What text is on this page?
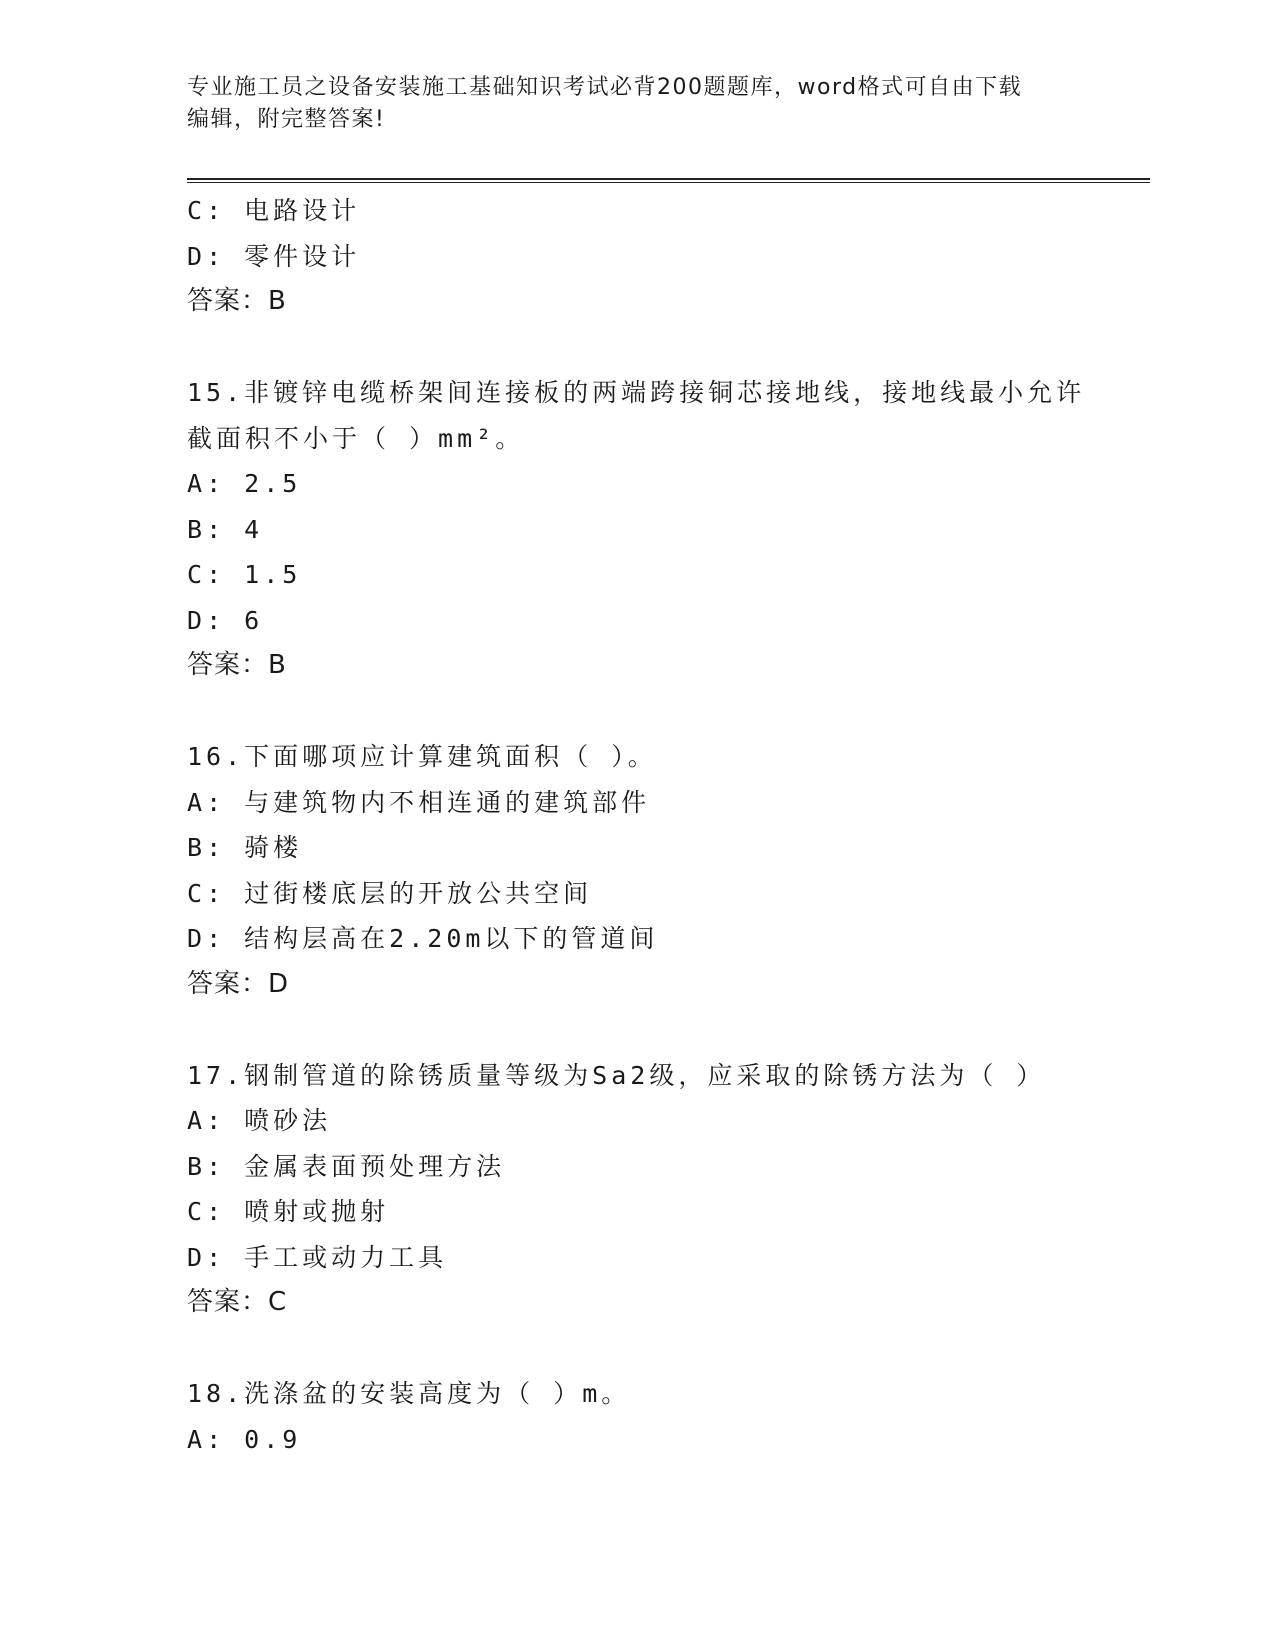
专业施工员之设备安装施工基础知识考试必背200题题库，word格式可自由下载
编辑，附完整答案!
C: 电路设计
D: 零件设计
答案：B
15.非镀锌电缆桥架间连接板的两端跨接铜芯接地线，接地线最小允许
截面积不小于（ ）mm²。
A: 2.5
B: 4
C: 1.5
D: 6
答案：B
16.下面哪项应计算建筑面积（ ）。
A: 与建筑物内不相连通的建筑部件
B: 骑楼
C: 过街楼底层的开放公共空间
D: 结构层高在2.20m以下的管道间
答案：D
17.钢制管道的除锈质量等级为Sa2级，应采取的除锈方法为（ ）
A: 喷砂法
B: 金属表面预处理方法
C: 喷射或抛射
D: 手工或动力工具
答案：C
18.洗涤盆的安装高度为（ ）m。
A: 0.9
